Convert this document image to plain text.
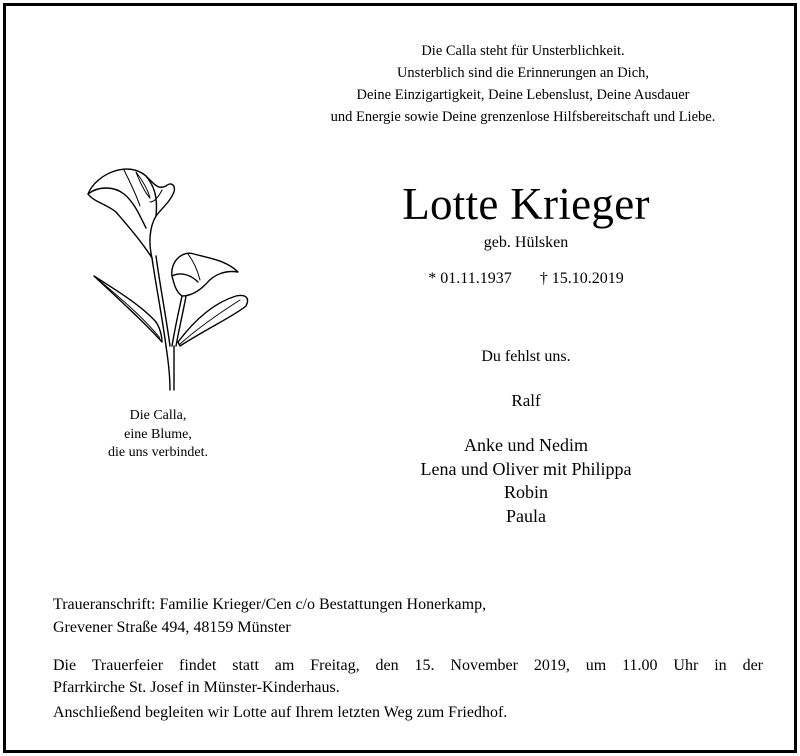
Die Calla steht für Unsterblichkeit.
Unsterblich sind die Erinnerungen an Dich,
Deine Einzigartigkeit, Deine Lebenslust, Deine Ausdauer
und Energie sowie Deine grenzenlose Hilfsbereitschaft und Liebe.
Die Calla,
eine Blume,
die uns verbindet.
Lotte Krieger
geb. Hülsken
* 01.11.1937 † 15.10.2019
Du fehlst uns.
Ralf
Anke und Nedim
Lena und Oliver mit Philippa
Robin
Paula
Traueranschrift: Familie Krieger/Cen c/o Bestattungen Honerkamp,
Grevener Straße 494, 48159 Münster
Die Trauerfeier findet statt am Freitag, den 15. November 2019, um 11.00 Uhr in der
Pfarrkirche St. Josef in Münster-Kinderhaus.
Anschließend begleiten wir Lotte auf Ihrem letzten Weg zum Friedhof.
